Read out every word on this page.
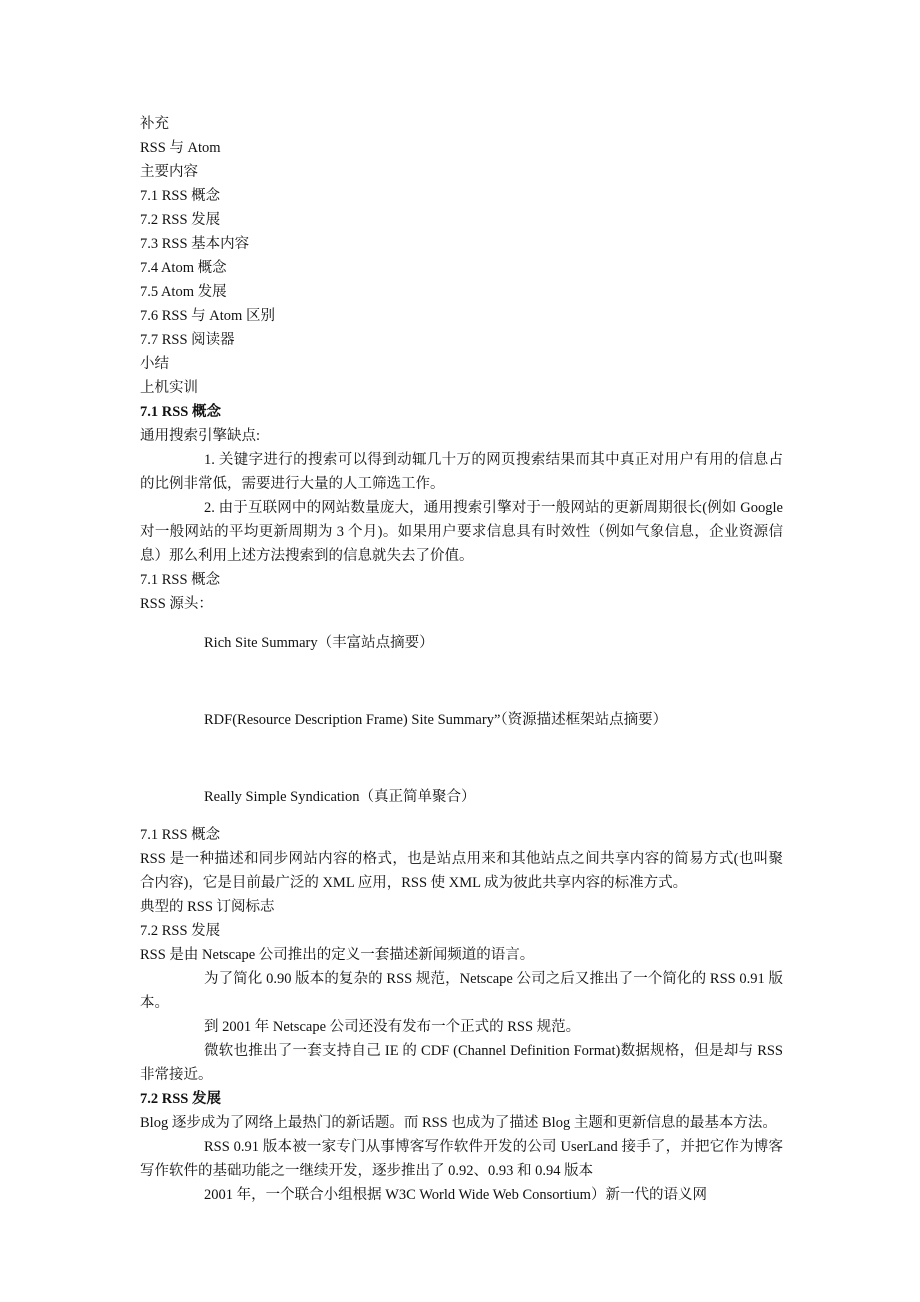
补充

RSS 与 Atom

主要内容

7.1 RSS 概念

7.2 RSS 发展

7.3 RSS 基本内容

7.4 Atom 概念

7.5 Atom 发展

7.6 RSS 与 Atom 区别

7.7 RSS 阅读器

小结

上机实训

7.1 RSS 概念

通用搜索引擎缺点:

1. 关键字进行的搜索可以得到动辄几十万的网页搜索结果而其中真正对用户有用的信息占的比例非常低，需要进行大量的人工筛选工作。

2. 由于互联网中的网站数量庞大，通用搜索引擎对于一般网站的更新周期很长(例如 Google 对一般网站的平均更新周期为 3 个月)。如果用户要求信息具有时效性（例如气象信息，企业资源信息）那么利用上述方法搜索到的信息就失去了价值。

7.1 RSS 概念

RSS 源头：

Rich Site Summary（丰富站点摘要）

RDF(Resource Description Frame) Site Summary”（资源描述框架站点摘要）

Really Simple Syndication（真正简单聚合）

7.1 RSS 概念

RSS 是一种描述和同步网站内容的格式，也是站点用来和其他站点之间共享内容的简易方式(也叫聚合内容)，它是目前最广泛的 XML 应用，RSS 使 XML 成为彼此共享内容的标准方式。

典型的 RSS 订阅标志

7.2 RSS 发展

RSS 是由 Netscape 公司推出的定义一套描述新闻频道的语言。

为了简化 0.90 版本的复杂的 RSS 规范，Netscape 公司之后又推出了一个简化的 RSS 0.91 版本。

到 2001 年 Netscape 公司还没有发布一个正式的 RSS 规范。

微软也推出了一套支持自己 IE 的 CDF (Channel Definition Format)数据规格，但是却与 RSS 非常接近。

7.2 RSS 发展

Blog 逐步成为了网络上最热门的新话题。而 RSS 也成为了描述 Blog 主题和更新信息的最基本方法。

RSS 0.91 版本被一家专门从事博客写作软件开发的公司 UserLand 接手了，并把它作为博客写作软件的基础功能之一继续开发，逐步推出了 0.92、0.93 和 0.94 版本

2001 年，一个联合小组根据 W3C World Wide Web Consortium）新一代的语义网
